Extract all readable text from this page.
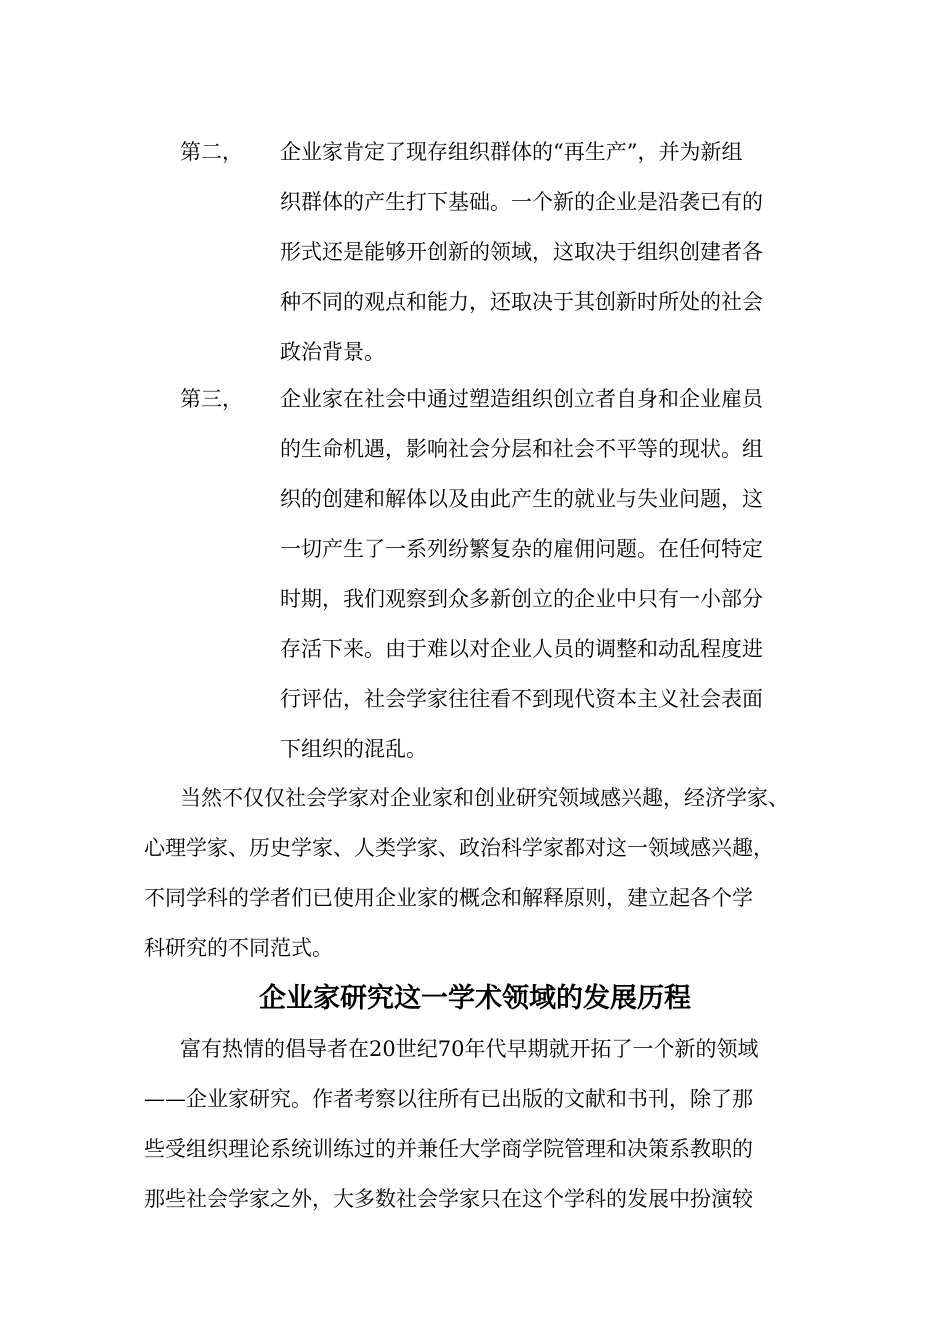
第二， 企业家肯定了现存组织群体的“再生产”，并为新组
织群体的产生打下基础。一个新的企业是沿袭已有的
形式还是能够开创新的领域，这取决于组织创建者各
种不同的观点和能力，还取决于其创新时所处的社会
政治背景。
第三， 企业家在社会中通过塑造组织创立者自身和企业雇员
的生命机遇，影响社会分层和社会不平等的现状。组
织的创建和解体以及由此产生的就业与失业问题，这
一切产生了一系列纷繁复杂的雇佣问题。在任何特定
时期，我们观察到众多新创立的企业中只有一小部分
存活下来。由于难以对企业人员的调整和动乱程度进
行评估，社会学家往往看不到现代资本主义社会表面
下组织的混乱。
当然不仅仅社会学家对企业家和创业研究领域感兴趣，经济学家、
心理学家、历史学家、人类学家、政治科学家都对这一领域感兴趣，
不同学科的学者们已使用企业家的概念和解释原则，建立起各个学
科研究的不同范式。
企业家研究这一学术领域的发展历程
富有热情的倡导者在20世纪70年代早期就开拓了一个新的领域
——企业家研究。作者考察以往所有已出版的文献和书刊，除了那
些受组织理论系统训练过的并兼任大学商学院管理和决策系教职的
那些社会学家之外，大多数社会学家只在这个学科的发展中扮演较
